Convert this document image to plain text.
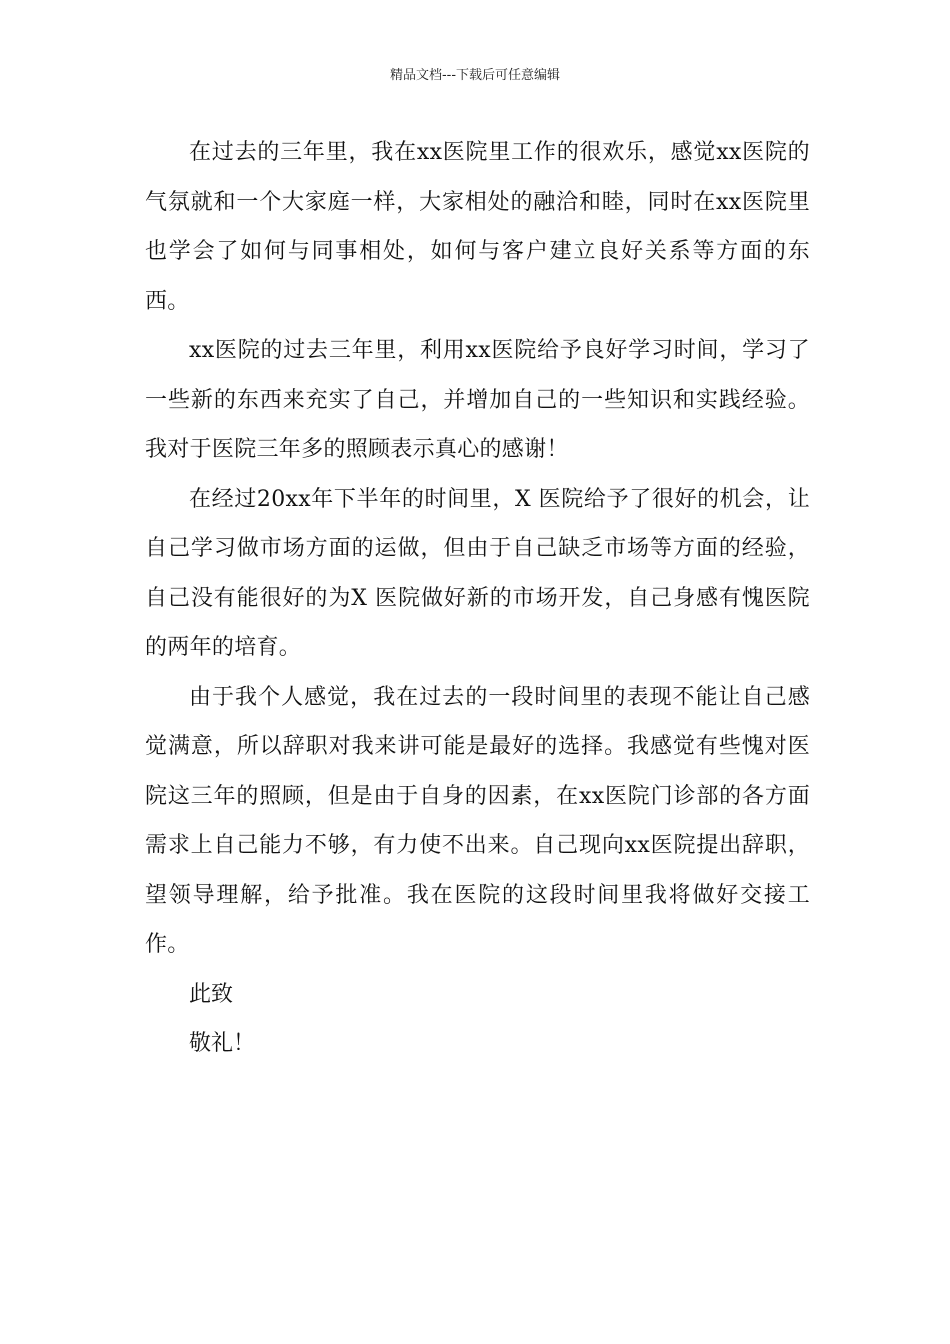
精品文档---下载后可任意编辑

在过去的三年里，我在xx医院里工作的很欢乐，感觉xx医院的气氛就和一个大家庭一样，大家相处的融洽和睦，同时在xx医院里也学会了如何与同事相处，如何与客户建立良好关系等方面的东西。

xx医院的过去三年里，利用xx医院给予良好学习时间，学习了一些新的东西来充实了自己，并增加自己的一些知识和实践经验。我对于医院三年多的照顾表示真心的感谢！

在经过20xx年下半年的时间里，X 医院给予了很好的机会，让自己学习做市场方面的运做，但由于自己缺乏市场等方面的经验，自己没有能很好的为X 医院做好新的市场开发，自己身感有愧医院的两年的培育。

由于我个人感觉，我在过去的一段时间里的表现不能让自己感觉满意，所以辞职对我来讲可能是最好的选择。我感觉有些愧对医院这三年的照顾，但是由于自身的因素，在xx医院门诊部的各方面需求上自己能力不够，有力使不出来。自己现向xx医院提出辞职，望领导理解，给予批准。我在医院的这段时间里我将做好交接工作。

此致

敬礼！
